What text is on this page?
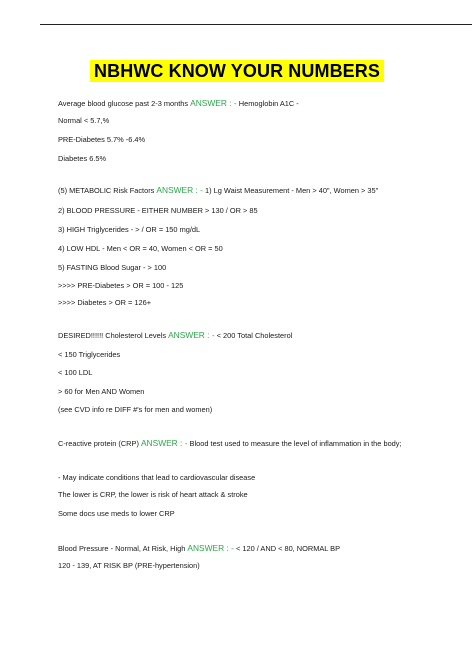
NBHWC KNOW YOUR NUMBERS
Average blood glucose past 2-3 months ANSWER : - Hemoglobin A1C -
Normal < 5.7,%
PRE-Diabetes 5.7% -6.4%
Diabetes 6.5%
(5) METABOLIC Risk Factors ANSWER : - 1) Lg Waist Measurement - Men > 40", Women > 35"
2) BLOOD PRESSURE - EITHER NUMBER > 130 / OR > 85
3) HIGH Triglycerides - > / OR = 150 mg/dL
4) LOW HDL - Men < OR = 40, Women < OR = 50
5) FASTING Blood Sugar - > 100
>>>> PRE-Diabetes > OR = 100 - 125
>>>> Diabetes > OR = 126+
DESIRED!!!!!! Cholesterol Levels ANSWER : - < 200 Total Cholesterol
< 150 Triglycerides
< 100 LDL
> 60 for Men AND Women
(see CVD info re DIFF #'s for men and women)
C-reactive protein (CRP) ANSWER : - Blood test used to measure the level of inflammation in the body;
- May indicate conditions that lead to cardiovascular disease
The lower is CRP, the lower is risk of heart attack & stroke
Some docs use meds to lower CRP
Blood Pressure - Normal, At Risk, High ANSWER : - < 120 / AND < 80, NORMAL BP
120 - 139, AT RISK BP (PRE-hypertension)
